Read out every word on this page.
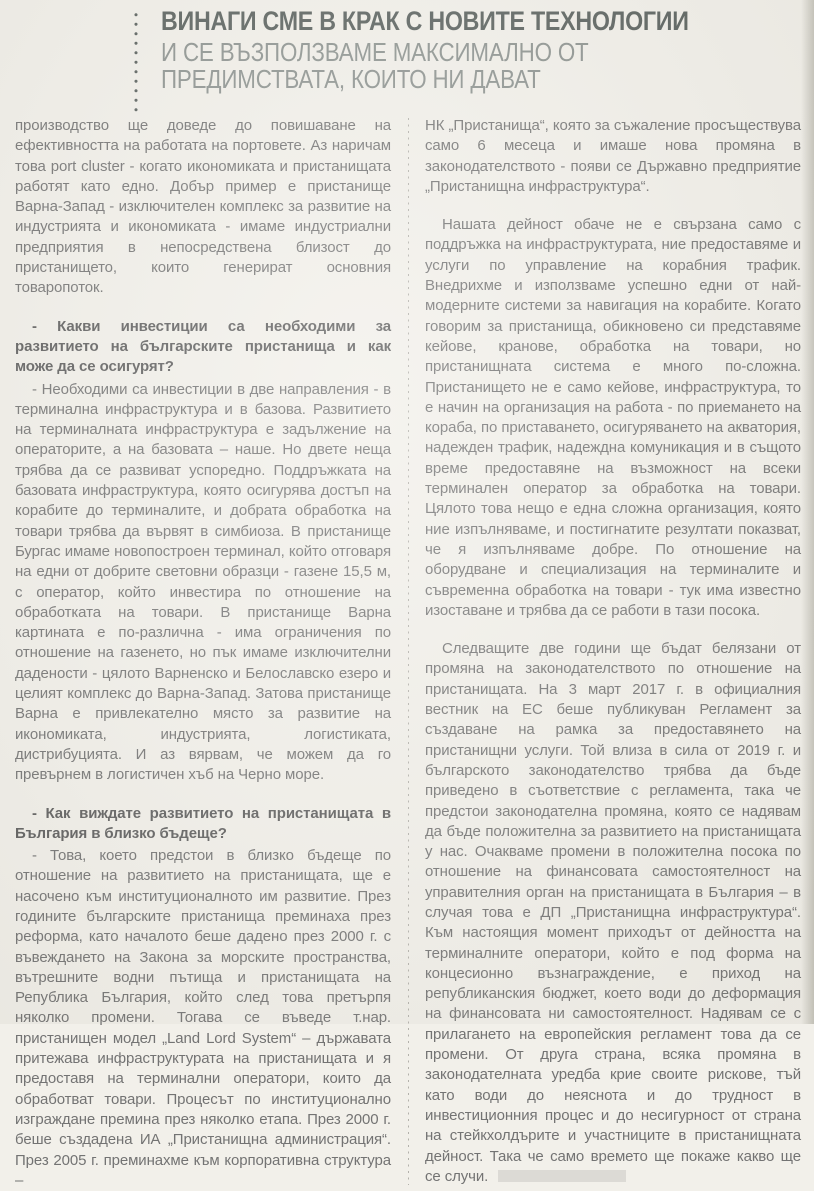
ВИНАГИ СМЕ В КРАК С НОВИТЕ ТЕХНОЛОГИИ
И СЕ ВЪЗПОЛЗВАМЕ МАКСИМАЛНО ОТ
ПРЕДИМСТВАТА, КОИТО НИ ДАВАТ

производство ще доведе до повишаване на ефективността на работата на портовете. Аз наричам това port cluster - когато икономиката и пристанищата работят като едно. Добър пример е пристанище Варна-Запад - изключителен комплекс за развитие на индустрията и икономиката - имаме индустриални предприятия в непосредствена близост до пристанището, които генерират основния товаропоток.

- Какви инвестиции са необходими за развитието на българските пристанища и как може да се осигурят?

- Необходими са инвестиции в две направления - в терминална инфраструктура и в базова. Развитието на терминалната инфраструктура е задължение на операторите, а на базовата – наше. Но двете неща трябва да се развиват успоредно. Поддръжката на базовата инфраструктура, която осигурява достъп на корабите до терминалите, и добрата обработка на товари трябва да вървят в симбиоза. В пристанище Бургас имаме новопостроен терминал, който отговаря на едни от добрите световни образци - газене 15,5 м, с оператор, който инвестира по отношение на обработката на товари. В пристанище Варна картината е по-различна - има ограничения по отношение на газенето, но пък имаме изключителни дадености - цялото Варненско и Белославско езеро и целият комплекс до Варна-Запад. Затова пристанище Варна е привлекателно място за развитие на икономиката, индустрията, логистиката, дистрибуцията. И аз вярвам, че можем да го превърнем в логистичен хъб на Черно море.

- Как виждате развитието на пристанищата в България в близко бъдеще?

- Това, което предстои в близко бъдеще по отношение на развитието на пристанищата, ще е насочено към институционалното им развитие. През годините българските пристанища преминаха през реформа, като началото беше дадено през 2000 г. с въвеждането на Закона за морските пространства, вътрешните водни пътища и пристанищата на Република България, който след това претърпя няколко промени. Тогава се въведе т.нар. пристанищен модел „Land Lord System“ – държавата притежава инфраструктурата на пристанищата и я предоставя на терминални оператори, които да обработват товари. Процесът по институционално изграждане премина през няколко етапа. През 2000 г. беше създадена ИА „Пристанищна администрация“. През 2005 г. преминахме към корпоративна структура –

НК „Пристанища“, която за съжаление просъществува само 6 месеца и имаше нова промяна в законодателството - появи се Държавно предприятие „Пристанищна инфраструктура“.

Нашата дейност обаче не е свързана само с поддръжка на инфраструктурата, ние предоставяме и услуги по управление на корабния трафик. Внедрихме и използваме успешно едни от най-модерните системи за навигация на корабите. Когато говорим за пристанища, обикновено си представяме кейове, кранове, обработка на товари, но пристанищната система е много по-сложна. Пристанището не е само кейове, инфраструктура, то е начин на организация на работа - по приемането на кораба, по приставането, осигуряването на акватория, надежден трафик, надеждна комуникация и в същото време предоставяне на възможност на всеки терминален оператор за обработка на товари. Цялото това нещо е една сложна организация, която ние изпълняваме, и постигнатите резултати показват, че я изпълняваме добре. По отношение на оборудване и специализация на терминалите и съвременна обработка на товари - тук има известно изоставане и трябва да се работи в тази посока.

Следващите две години ще бъдат белязани от промяна на законодателството по отношение на пристанищата. На 3 март 2017 г. в официалния вестник на ЕС беше публикуван Регламент за създаване на рамка за предоставянето на пристанищни услуги. Той влиза в сила от 2019 г. и българското законодателство трябва да бъде приведено в съответствие с регламента, така че предстои законодателна промяна, която се надявам да бъде положителна за развитието на пристанищата у нас. Очакваме промени в положителна посока по отношение на финансовата самостоятелност на управителния орган на пристанищата в България – в случая това е ДП „Пристанищна инфраструктура“. Към настоящия момент приходът от дейността на терминалните оператори, който е под форма на концесионно възнаграждение, е приход на републиканския бюджет, което води до деформация на финансовата ни самостоятелност. Надявам се с прилагането на европейския регламент това да се промени. От друга страна, всяка промяна в законодателната уредба крие своите рискове, тъй като води до неяснота и до трудност в инвестиционния процес и до несигурност от страна на стейкхолдърите и участниците в пристанищната дейност. Така че само времето ще покаже какво ще се случи.
